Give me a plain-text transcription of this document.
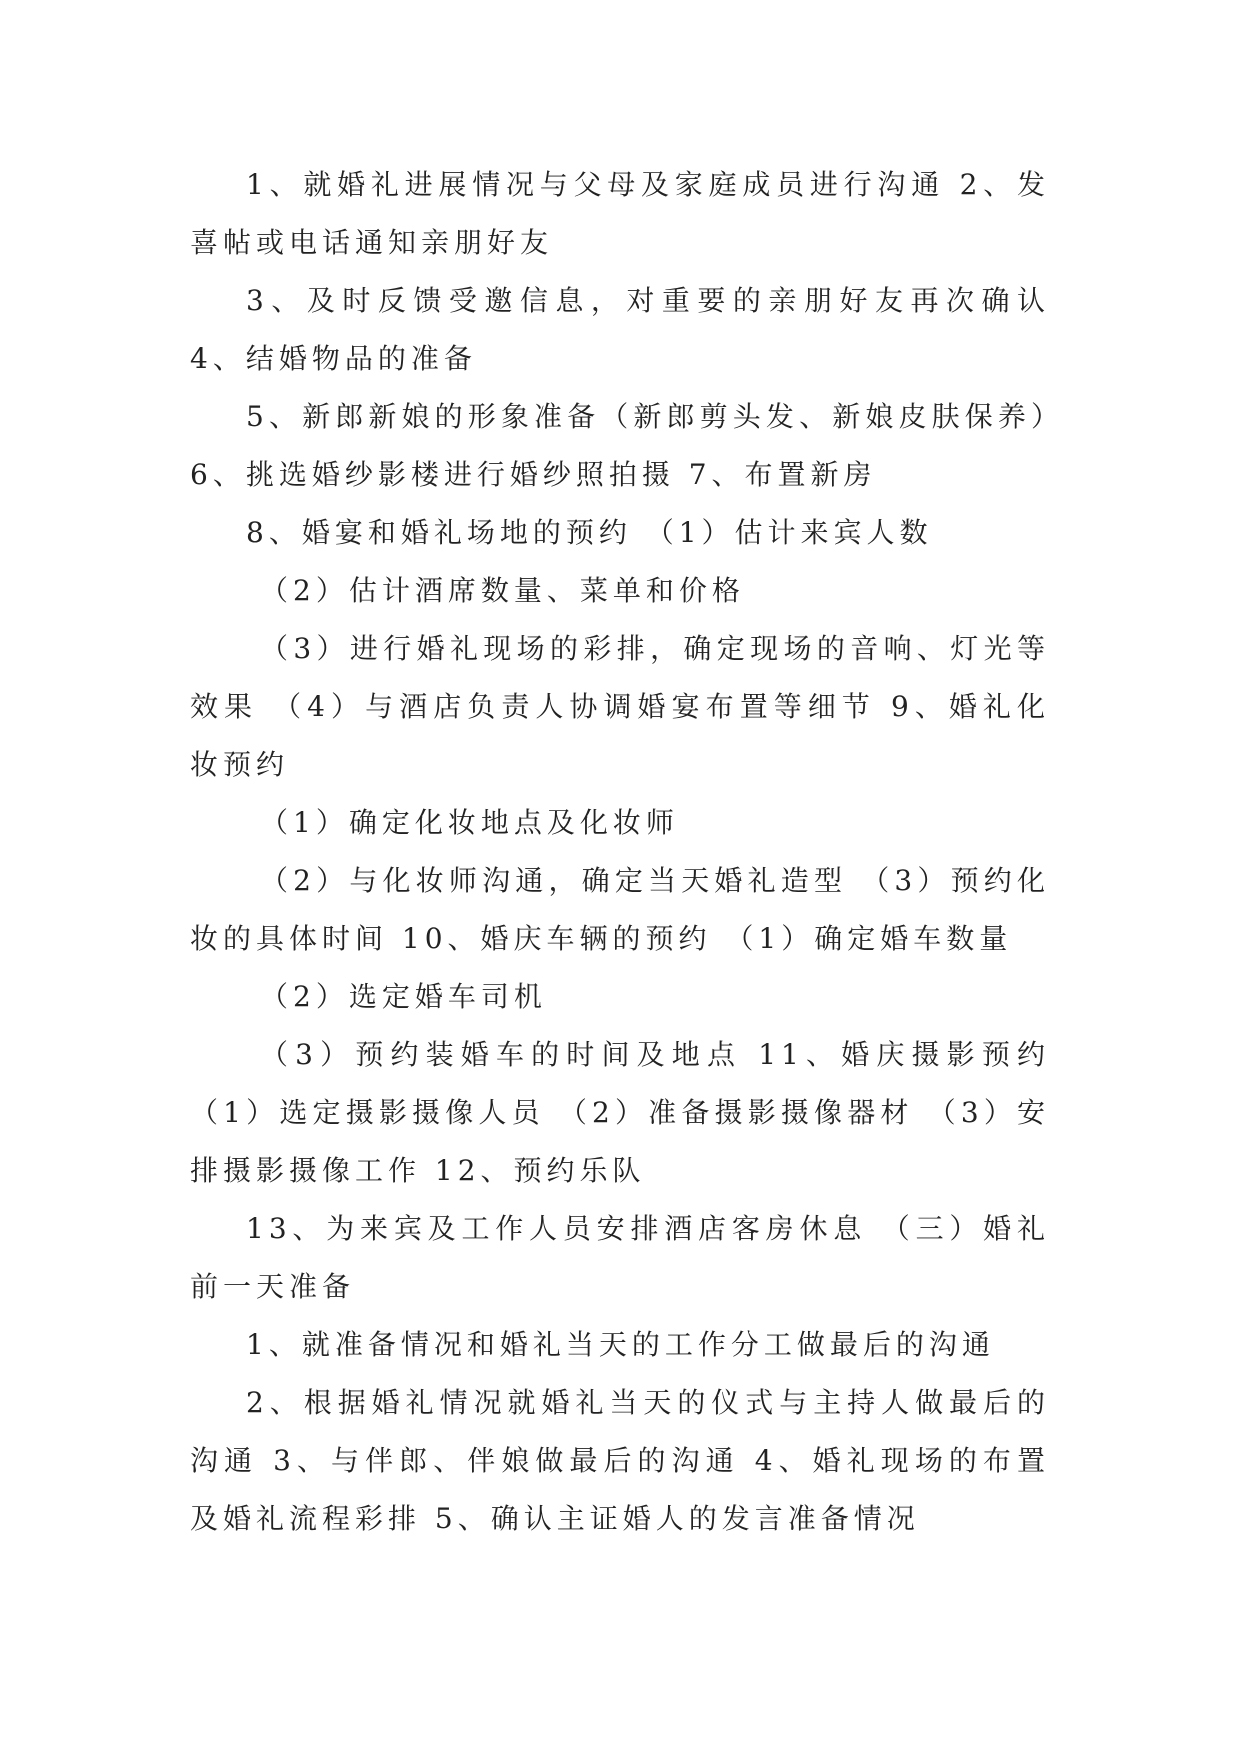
1、就婚礼进展情况与父母及家庭成员进行沟通 2、发喜帖或电话通知亲朋好友

3、及时反馈受邀信息，对重要的亲朋好友再次确认 4、结婚物品的准备

5、新郎新娘的形象准备（新郎剪头发、新娘皮肤保养）6、挑选婚纱影楼进行婚纱照拍摄 7、布置新房

8、婚宴和婚礼场地的预约 （1）估计来宾人数

（2）估计酒席数量、菜单和价格

（3）进行婚礼现场的彩排，确定现场的音响、灯光等效果 （4）与酒店负责人协调婚宴布置等细节 9、婚礼化妆预约

（1）确定化妆地点及化妆师

（2）与化妆师沟通，确定当天婚礼造型 （3）预约化妆的具体时间 10、婚庆车辆的预约 （1）确定婚车数量

（2）选定婚车司机

（3）预约装婚车的时间及地点 11、婚庆摄影预约（1）选定摄影摄像人员 （2）准备摄影摄像器材 （3）安排摄影摄像工作 12、预约乐队

13、为来宾及工作人员安排酒店客房休息 （三）婚礼前一天准备

1、就准备情况和婚礼当天的工作分工做最后的沟通

2、根据婚礼情况就婚礼当天的仪式与主持人做最后的沟通 3、与伴郎、伴娘做最后的沟通 4、婚礼现场的布置及婚礼流程彩排 5、确认主证婚人的发言准备情况
